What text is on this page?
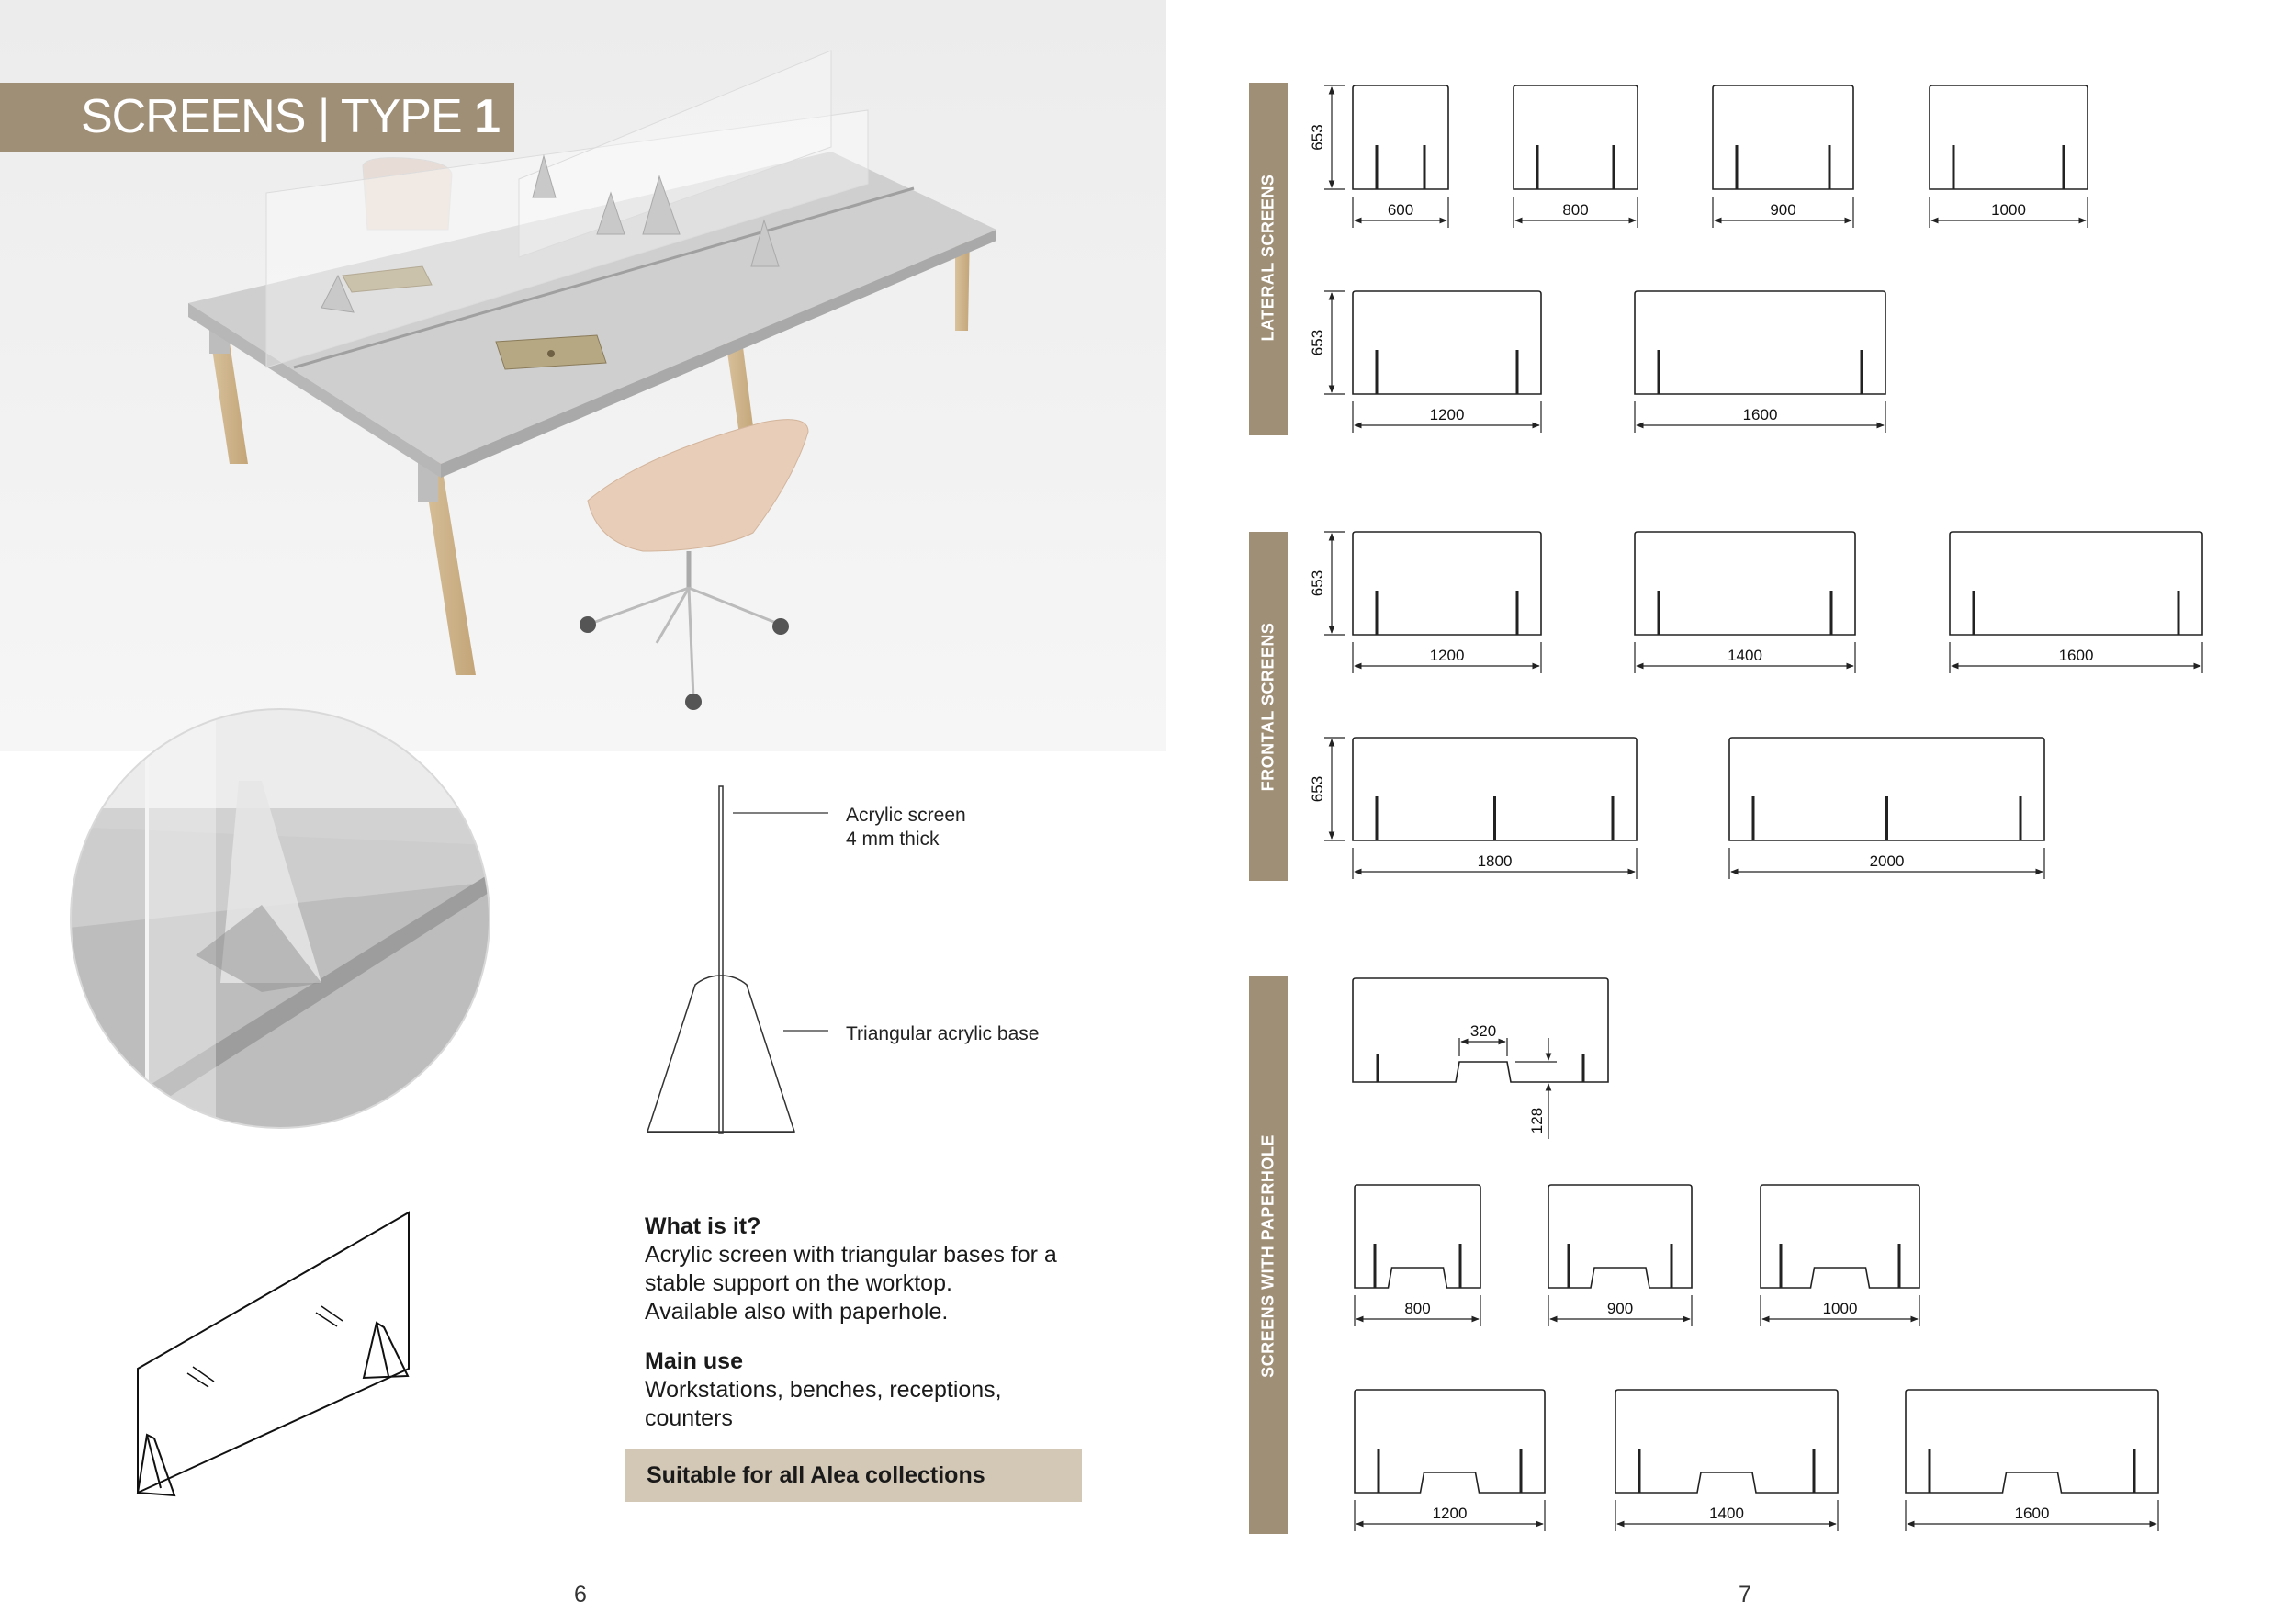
SCREENS | TYPE 1
Acrylic screen
4 mm thick
Triangular acrylic base
What is it?

Acrylic screen with triangular bases for a

stable support on the worktop.

Available also with paperhole.

Main use

Workstations, benches, receptions,

counters

Suitable for all Alea collections
6
LATERAL SCREENS
FRONTAL SCREENS
SCREENS WITH PAPERHOLE
653
653
600	800	900	1000
1200	1600
653
653
1200	1400	1600
1800	2000
320
128
800	900	1000
1200	1400	1600
7
